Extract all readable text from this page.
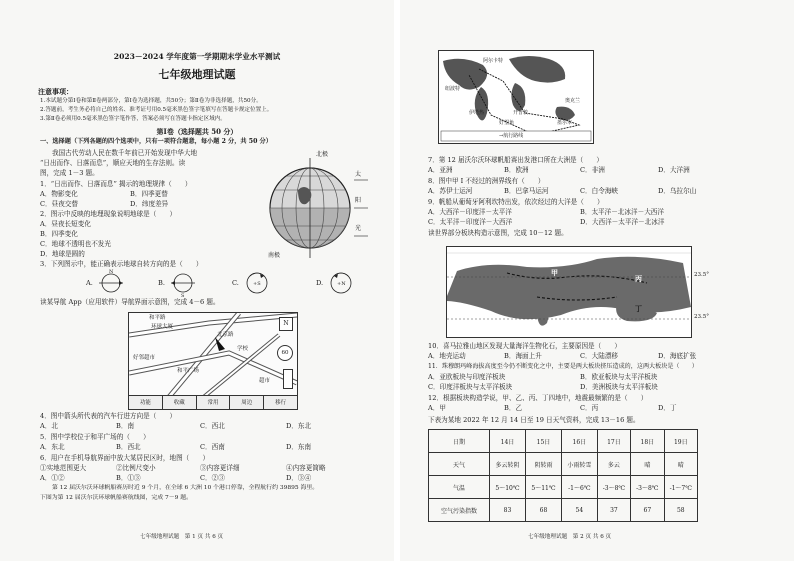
2023－2024 学年度第一学期期末学业水平测试
七年级地理试题
注意事项：
1.本试题分第Ⅰ卷和第Ⅱ卷两部分，第Ⅰ卷为选择题，共50分；第Ⅱ卷为非选择题，共50分。
2.答题前，考生务必将自己的姓名、准考证号用0.5毫米黑色签字笔填写在答题卡规定位置上。
3.第Ⅱ卷必须用0.5毫米黑色签字笔作答，答案必须写在答题卡指定区域内。
第Ⅰ卷（选择题共 50 分）
一、选择题（下列各题的四个选项中，只有一项符合题意，每小题 2 分，共 50 分）
我国古代劳动人民在数千年前已开始发现中华大地
“日出而作、日落而息”，顺应天地的生存法则。读
图，完成 1－3 题。
1．“日出而作、日落而息” 揭示的地理规律（　　）
A．物影变化	B．四季更替
C．昼夜交替	D．纬度差异
2．图示中反映的地理现象说明地球是（　　）
A．昼夜长短变化
B．四季变化
C．地球不透明也不发光
D．地球是圆的
3．下列图示中，能正确表示地球自转方向的是（　　）
北极
太
阳
光
南极
A.
N
B.
S
C.	+S	D.	+N
读某导航 App（应用软件）导航界面示意图，完成 4－6 题。
和平路
环球大厦
学校
好邻超市
和平广场
超市
北京路
N
60
功能	收藏	常用	周边	移行
4．图中箭头所代表的汽车行进方向是（　　）
A．北	B．南	C．西北	D．东北
5．图中学校位于和平广场的（　　）
A．东北	B．西北	C．西南	D．东南
6．用户在手机导航界面中放大某居民区时，地图（　　）
①实地范围更大	②比例尺变小	③内容更详细	④内容更简略
A．①②	B．①③	C．②③	D．③④
第 12 届沃尔沃环球帆船赛历时近 9 个月，在全球 6 大洲 10 个港口停靠，全程航行约 39895 海里。
下图为第 12 届沃尔沃环球帆船赛航线图，完成 7－9 题。
七年级地理试题　第 1 页 共 6 页
阿尔卡特
开普敦
墨尔本
好望角
奥克兰
伊塔热
纽波特
→航行路线
7．第 12 届沃尔沃环球帆船赛出发港口所在大洲是（　　）
A．亚洲	B．欧洲	C．非洲	D．大洋洲
8．图中甲 I 不经过的洲界线有（　　）
A．苏伊士运河	B．巴拿马运河	C．白令海峡	D．乌拉尔山
9．帆船从葡萄牙阿利坎特出发，依次经过的大洋是（　　）
A．大西洋－印度洋－太平洋	B．太平洋－北冰洋－大西洋
C．太平洋－印度洋－大西洋	D．大西洋－太平洋－北冰洋
读世界部分板块构造示意图，完成 10－12 题。
乙
甲
丙
丁
23.5°
23.5°
10．喜马拉雅山地区发现大量海洋生物化石，主要原因是（　　）
A．地壳运动	B．海面上升	C．大陆漂移	D．海底扩张
11．珠穆朗玛峰海拔高度至今仍不断变化之中，主要是两大板块挤压造成的，这两大板块是（　　）
A．亚欧板块与印度洋板块	B．欧亚板块与太平洋板块
C．印度洋板块与太平洋板块	D．美洲板块与太平洋板块
12．根据板块构造学说，甲、乙、丙、丁四地中，地震最频繁的是（　　）
A．甲	B．乙	C．丙	D．丁
下表为某地 2022 年 12 月 14 日至 19 日天气资料，完成 13－16 题。
日期	14日	15日	16日	17日	18日	19日
天气	多云转阴	阴转雨	小雨转雪	多云	晴	晴
气温	5～10℃	5～11℃	-1～6℃	-3～8℃	-3～8℃	-1～7℃
空气污染指数	83	68	54	37	67	58
七年级地理试题　第 2 页 共 6 页
